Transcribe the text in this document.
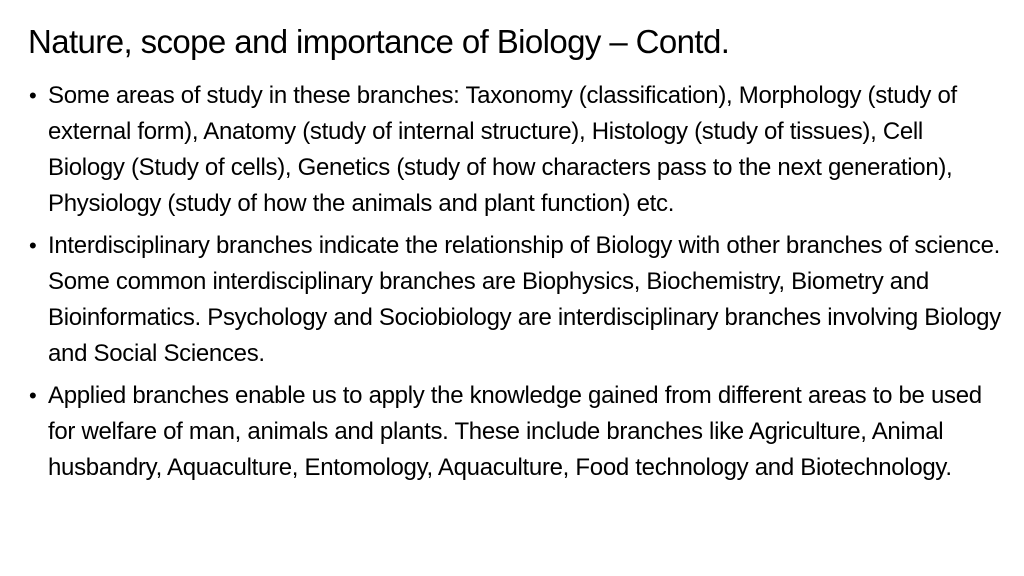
Nature, scope and importance of Biology – Contd.
• Some areas of study in these branches: Taxonomy (classification), Morphology (study of external form), Anatomy (study of internal structure), Histology (study of tissues), Cell Biology (Study of cells), Genetics (study of how characters pass to the next generation), Physiology (study of how the animals and plant function) etc.
• Interdisciplinary branches indicate the relationship of Biology with other branches of science. Some common interdisciplinary branches are Biophysics, Biochemistry, Biometry and Bioinformatics. Psychology and Sociobiology are interdisciplinary branches involving Biology and Social Sciences.
• Applied branches enable us to apply the knowledge gained from different areas to be used for welfare of man, animals and plants. These include branches like Agriculture, Animal husbandry, Aquaculture, Entomology, Aquaculture, Food technology and Biotechnology.
